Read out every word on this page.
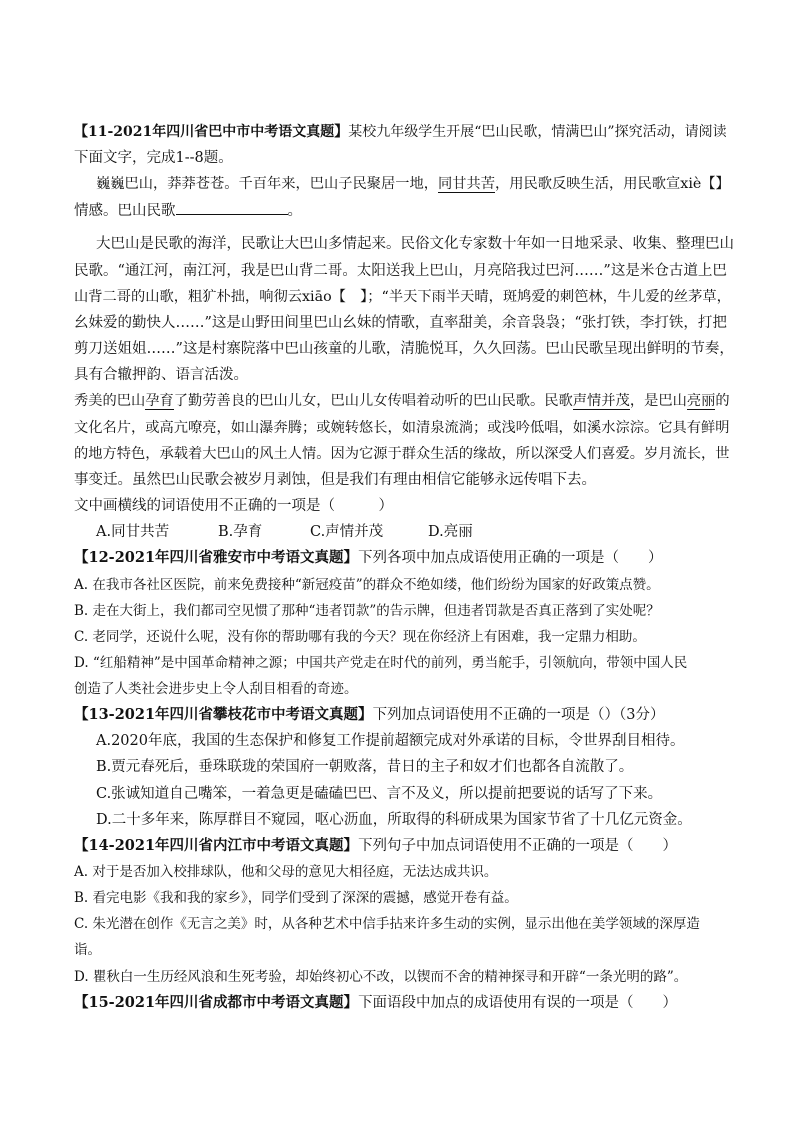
【11-2021年四川省巴中市中考语文真题】某校九年级学生开展“巴山民歌，情满巴山”探究活动，请阅读
下面文字，完成1--8题。
巍巍巴山，莽莽苍苍。千百年来，巴山子民聚居一地，同甘共苦，用民歌反映生活，用民歌宣xiè【】
情感。巴山民歌	。
大巴山是民歌的海洋，民歌让大巴山多情起来。民俗文化专家数十年如一日地采录、收集、整理巴山
民歌。“通江河，南江河，我是巴山背二哥。太阳送我上巴山，月亮陪我过巴河……”这是米仓古道上巴
山背二哥的山歌，粗犷朴拙，响彻云xiāo【　】；“半天下雨半天晴，斑鸠爱的刺笆林，牛儿爱的丝茅草，
幺妹爱的勤快人……”这是山野田间里巴山幺妹的情歌，直率甜美，余音袅袅；“张打铁，李打铁，打把
剪刀送姐姐……”这是村寨院落中巴山孩童的儿歌，清脆悦耳，久久回荡。巴山民歌呈现出鲜明的节奏，
具有合辙押韵、语言活泼。
秀美的巴山孕育了勤劳善良的巴山儿女，巴山儿女传唱着动听的巴山民歌。民歌声情并茂，是巴山亮丽的
文化名片，或高亢嘹亮，如山瀑奔腾；或婉转悠长，如清泉流淌；或浅吟低唱，如溪水淙淙。它具有鲜明
的地方特色，承载着大巴山的风土人情。因为它源于群众生活的缘故，所以深受人们喜爱。岁月流长，世
事变迁。虽然巴山民歌会被岁月剥蚀，但是我们有理由相信它能够永远传唱下去。
文中画横线的词语使用不正确的一项是（　　　）
A.同甘共苦	B.孕育	C.声情并茂	D.亮丽
【12-2021年四川省雅安市中考语文真题】下列各项中加点成语使用正确的一项是（　　）
A. 在我市各社区医院，前来免费接种“新冠疫苗”的群众不绝如缕，他们纷纷为国家的好政策点赞。
B. 走在大街上，我们都司空见惯了那种“违者罚款”的告示牌，但违者罚款是否真正落到了实处呢？
C. 老同学，还说什么呢，没有你的帮助哪有我的今天？现在你经济上有困难，我一定鼎力相助。
D. “红船精神”是中国革命精神之源；中国共产党走在时代的前列，勇当舵手，引领航向，带领中国人民
创造了人类社会进步史上令人刮目相看的奇迹。
【13-2021年四川省攀枝花市中考语文真题】下列加点词语使用不正确的一项是（）（3分）
A.2020年底，我国的生态保护和修复工作提前超额完成对外承诺的目标，令世界刮目相待。
B.贾元春死后，垂珠联珑的荣国府一朝败落，昔日的主子和奴才们也都各自流散了。
C.张诚知道自己嘴笨，一着急更是磕磕巴巴、言不及义，所以提前把要说的话写了下来。
D.二十多年来，陈厚群目不窥园，呕心沥血，所取得的科研成果为国家节省了十几亿元资金。
【14-2021年四川省内江市中考语文真题】下列句子中加点词语使用不正确的一项是（　　）
A. 对于是否加入校排球队，他和父母的意见大相径庭，无法达成共识。
B. 看完电影《我和我的家乡》，同学们受到了深深的震撼，感觉开卷有益。
C. 朱光潜在创作《无言之美》时，从各种艺术中信手拈来许多生动的实例，显示出他在美学领域的深厚造
诣。
D. 瞿秋白一生历经风浪和生死考验，却始终初心不改，以锲而不舍的精神探寻和开辟“一条光明的路”。
【15-2021年四川省成都市中考语文真题】下面语段中加点的成语使用有误的一项是（　　）
